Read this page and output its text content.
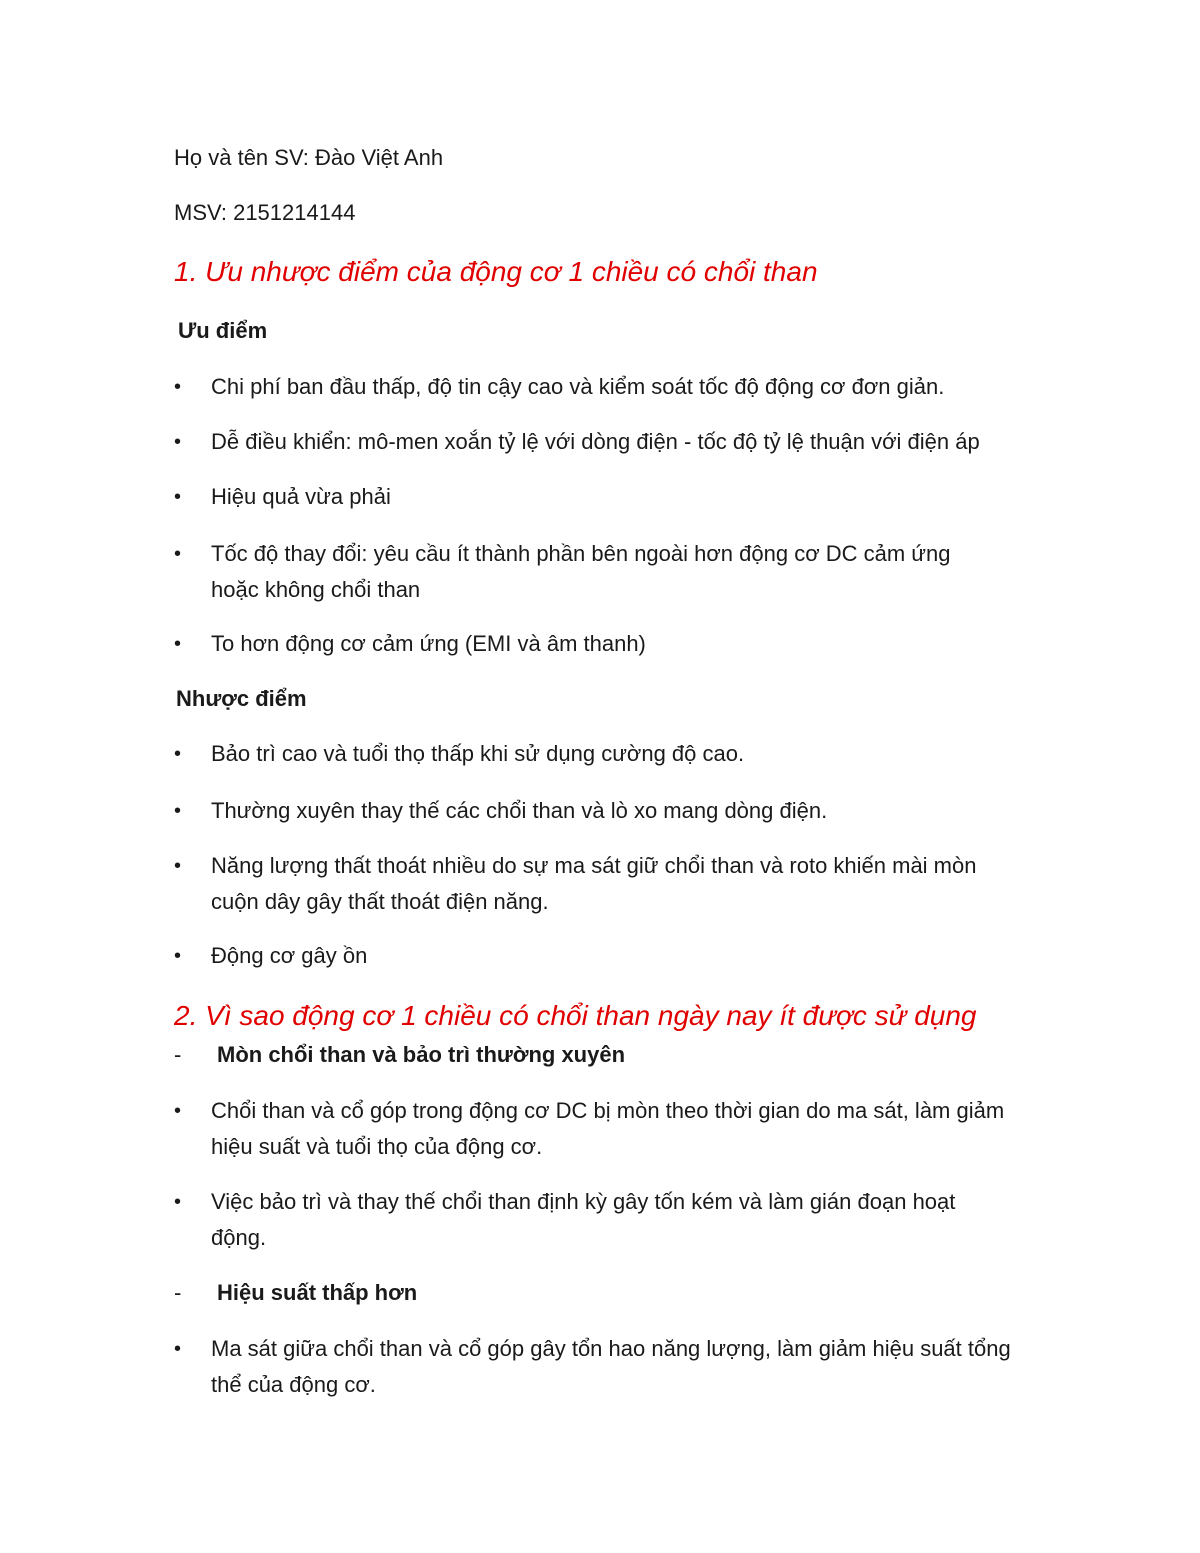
Họ và tên SV: Đào Việt Anh
MSV: 2151214144
1. Ưu nhược điểm của động cơ 1 chiều có chổi than
Ưu điểm
•	Chi phí ban đầu thấp, độ tin cậy cao và kiểm soát tốc độ động cơ đơn giản.
•	Dễ điều khiển: mô-men xoắn tỷ lệ với dòng điện - tốc độ tỷ lệ thuận với điện áp
•	Hiệu quả vừa phải
•	Tốc độ thay đổi: yêu cầu ít thành phần bên ngoài hơn động cơ DC cảm ứng hoặc không chổi than
•	To hơn động cơ cảm ứng (EMI và âm thanh)
Nhược điểm
•	Bảo trì cao và tuổi thọ thấp khi sử dụng cường độ cao.
•	Thường xuyên thay thế các chổi than và lò xo mang dòng điện.
•	Năng lượng thất thoát nhiều do sự ma sát giữ chổi than và roto khiến mài mòn cuộn dây gây thất thoát điện năng.
•	Động cơ gây ồn
2. Vì sao động cơ 1 chiều có chổi than ngày nay ít được sử dụng
- Mòn chổi than và bảo trì thường xuyên
•	Chổi than và cổ góp trong động cơ DC bị mòn theo thời gian do ma sát, làm giảm hiệu suất và tuổi thọ của động cơ.
•	Việc bảo trì và thay thế chổi than định kỳ gây tốn kém và làm gián đoạn hoạt động.
- Hiệu suất thấp hơn
•	Ma sát giữa chổi than và cổ góp gây tổn hao năng lượng, làm giảm hiệu suất tổng thể của động cơ.
